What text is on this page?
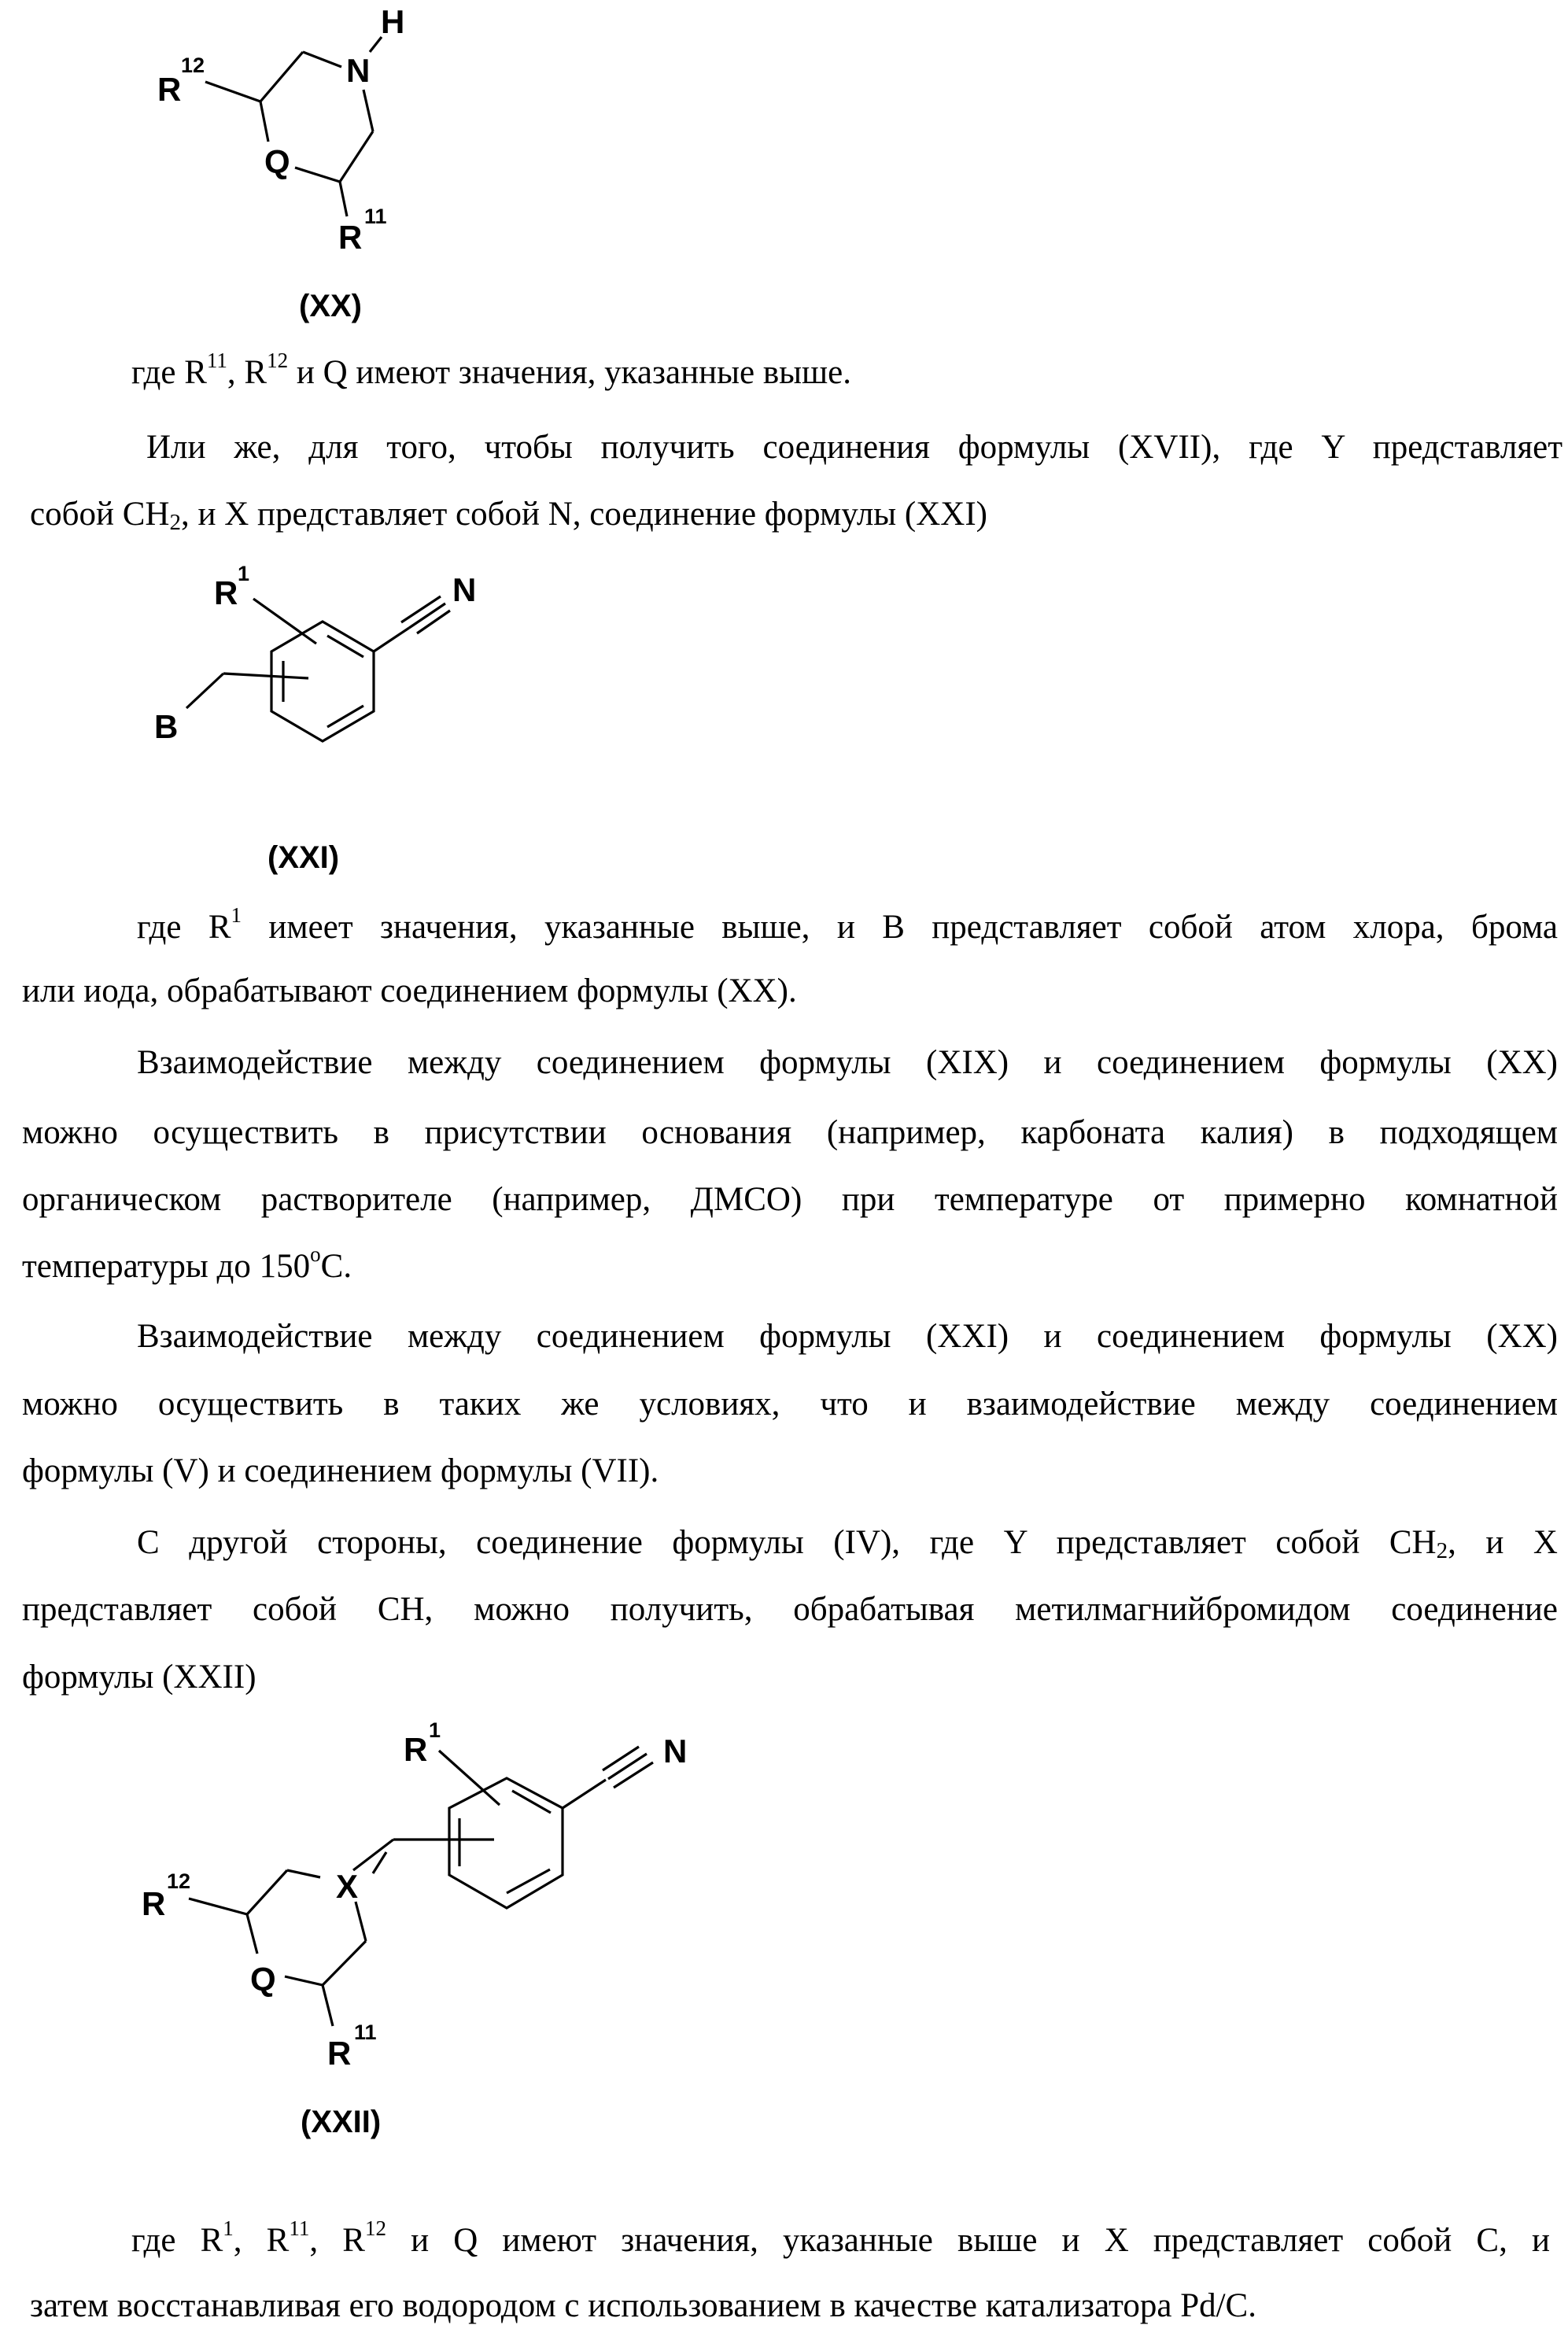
R
12	N
H
Q
R
11
(XX)
R
1	N
B
(XXI)
R
1
N
X
R
12
Q
R
11
(XXII)
где R11, R12 и Q имеют значения, указанные выше.
Или же, для того, чтобы получить соединения формулы (XVII), где Y представляет
собой CH2, и X представляет собой N, соединение формулы (XXI)
где R1 имеет значения, указанные выше, и В представляет собой атом хлора, брома
или иода, обрабатывают соединением формулы (XX).
Взаимодействие между соединением формулы (XIX) и соединением формулы (XX)
можно осуществить в присутствии основания (например, карбоната калия) в подходящем
органическом растворителе (например, ДМСО) при температуре от примерно комнатной
температуры до 150oC.
Взаимодействие между соединением формулы (XXI) и соединением формулы (XX)
можно осуществить в таких же условиях, что и взаимодействие между соединением
формулы (V) и соединением формулы (VII).
С другой стороны, соединение формулы (IV), где Y представляет собой CH2, и X
представляет собой CH, можно получить, обрабатывая метилмагнийбромидом соединение
формулы (XXII)
где R1, R11, R12 и Q имеют значения, указанные выше и X представляет собой C, и
затем восстанавливая его водородом с использованием в качестве катализатора Pd/C.
